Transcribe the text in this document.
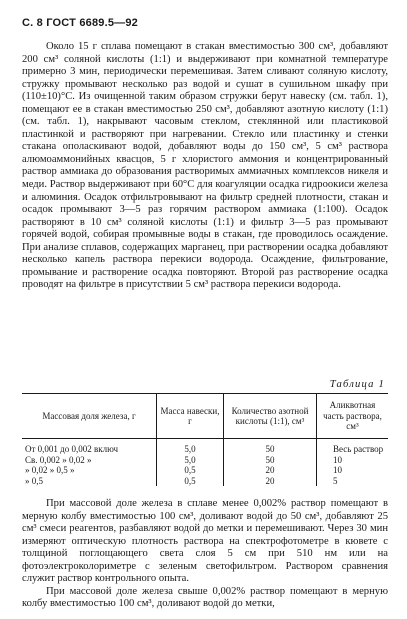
С. 8 ГОСТ 6689.5—92

Около 15 г сплава помещают в стакан вместимостью 300 см³, добавляют 200 см³ соляной кислоты (1:1) и выдерживают при комнатной температуре примерно 3 мин, периодически перемешивая. Затем сливают соляную кислоту, стружку промывают несколько раз водой и сушат в сушильном шкафу при (110±10)°С. Из очищенной таким образом стружки берут навеску (см. табл. 1), помещают ее в стакан вместимостью 250 см³, добавляют азотную кислоту (1:1) (см. табл. 1), накрывают часовым стеклом, стеклянной или пластиковой пластинкой и растворяют при нагревании. Стекло или пластинку и стенки стакана ополаскивают водой, добавляют воды до 150 см³, 5 см³ раствора алюмоаммонийных квасцов, 5 г хлористого аммония и концентрированный раствор аммиака до образования растворимых аммиачных комплексов никеля и меди. Раствор выдерживают при 60°С для коагуляции осадка гидроокиси железа и алюминия. Осадок отфильтровывают на фильтр средней плотности, стакан и осадок промывают 3—5 раз горячим раствором аммиака (1:100). Осадок растворяют в 10 см³ соляной кислоты (1:1) и фильтр 3—5 раз промывают горячей водой, собирая промывные воды в стакан, где проводилось осаждение. При анализе сплавов, содержащих марганец, при растворении осадка добавляют несколько капель раствора перекиси водорода. Осаждение, фильтрование, промывание и растворение осадка повторяют. Второй раз растворение осадка проводят на фильтре в присутствии 5 см³ раствора перекиси водорода.

Таблица 1
Массовая доля железа, г	Масса навески, г	Количество азотной кислоты (1:1), см³	Аликвотная часть раствора, см³
От 0,001 до 0,002 включ	5,0	50	Весь раствор
Св. 0,002 » 0,02 »	5,0	50	10
» 0,02 » 0,5 »	0,5	20	10
» 0,5	0,5	20	5

При массовой доле железа в сплаве менее 0,002% раствор помещают в мерную колбу вместимостью 100 см³, доливают водой до 50 см³, добавляют 25 см³ смеси реагентов, разбавляют водой до метки и перемешивают. Через 30 мин измеряют оптическую плотность раствора на спектрофотометре в кювете с толщиной поглощающего света слоя 5 см при 510 нм или на фотоэлектроколориметре с зеленым светофильтром. Раствором сравнения служит раствор контрольного опыта.

При массовой доле железа свыше 0,002% раствор помещают в мерную колбу вместимостью 100 см³, доливают водой до метки,
